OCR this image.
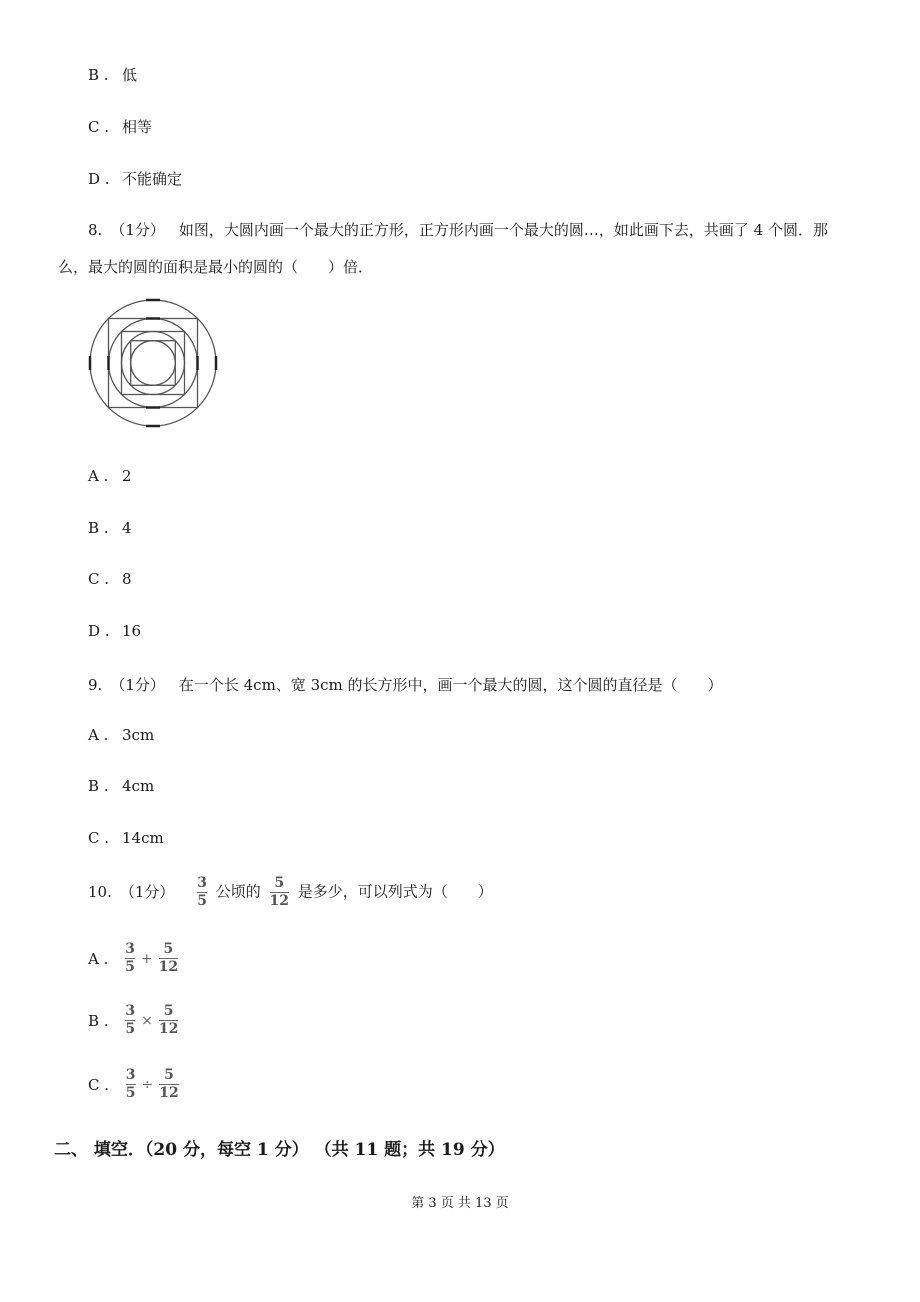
B . 低
C . 相等
D . 不能确定
8. （1分） 如图，大圆内画一个最大的正方形，正方形内画一个最大的圆…，如此画下去，共画了 4 个圆．那
么，最大的圆的面积是最小的圆的（　　）倍．
A . 2
B . 4
C . 8
D . 16
9. （1分） 在一个长 4cm、宽 3cm 的长方形中，画一个最大的圆，这个圆的直径是（　　）
A . 3cm
B . 4cm
C . 14cm
10. （1分） $\frac{3}{5}$ 公顷的 $\frac{5}{12}$ 是多少，可以列式为（　　）
A . $\frac{3}{5} + \frac{5}{12}$
B . $\frac{3}{5} \times \frac{5}{12}$
C . $\frac{3}{5} \div \frac{5}{12}$
二、 填空．（20 分，每空 1 分） （共 11 题；共 19 分）
第 3 页 共 13 页
